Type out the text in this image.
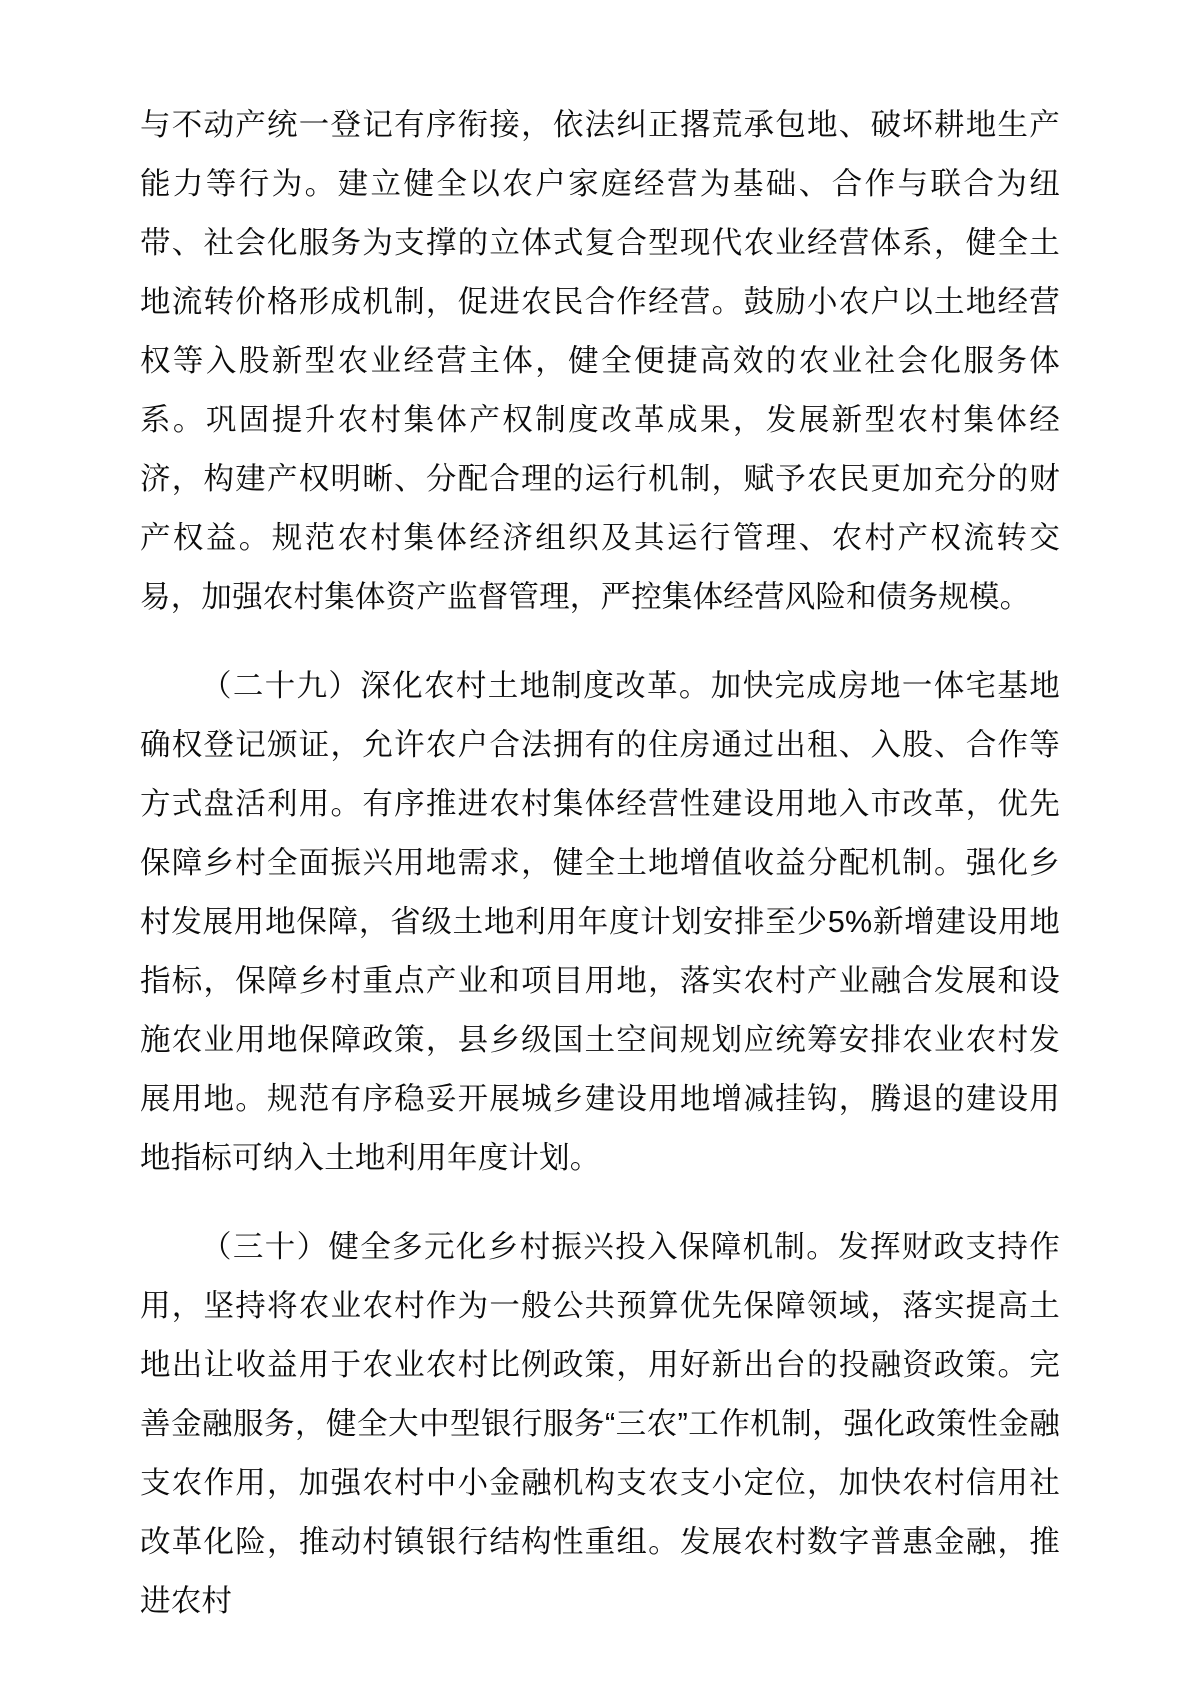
与不动产统一登记有序衔接，依法纠正撂荒承包地、破坏耕地生产能力等行为。建立健全以农户家庭经营为基础、合作与联合为纽带、社会化服务为支撑的立体式复合型现代农业经营体系，健全土地流转价格形成机制，促进农民合作经营。鼓励小农户以土地经营权等入股新型农业经营主体，健全便捷高效的农业社会化服务体系。巩固提升农村集体产权制度改革成果，发展新型农村集体经济，构建产权明晰、分配合理的运行机制，赋予农民更加充分的财产权益。规范农村集体经济组织及其运行管理、农村产权流转交易，加强农村集体资产监督管理，严控集体经营风险和债务规模。

（二十九）深化农村土地制度改革。加快完成房地一体宅基地确权登记颁证，允许农户合法拥有的住房通过出租、入股、合作等方式盘活利用。有序推进农村集体经营性建设用地入市改革，优先保障乡村全面振兴用地需求，健全土地增值收益分配机制。强化乡村发展用地保障，省级土地利用年度计划安排至少5%新增建设用地指标，保障乡村重点产业和项目用地，落实农村产业融合发展和设施农业用地保障政策，县乡级国土空间规划应统筹安排农业农村发展用地。规范有序稳妥开展城乡建设用地增减挂钩，腾退的建设用地指标可纳入土地利用年度计划。

（三十）健全多元化乡村振兴投入保障机制。发挥财政支持作用，坚持将农业农村作为一般公共预算优先保障领域，落实提高土地出让收益用于农业农村比例政策，用好新出台的投融资政策。完善金融服务，健全大中型银行服务“三农”工作机制，强化政策性金融支农作用，加强农村中小金融机构支农支小定位，加快农村信用社改革化险，推动村镇银行结构性重组。发展农村数字普惠金融，推进农村
